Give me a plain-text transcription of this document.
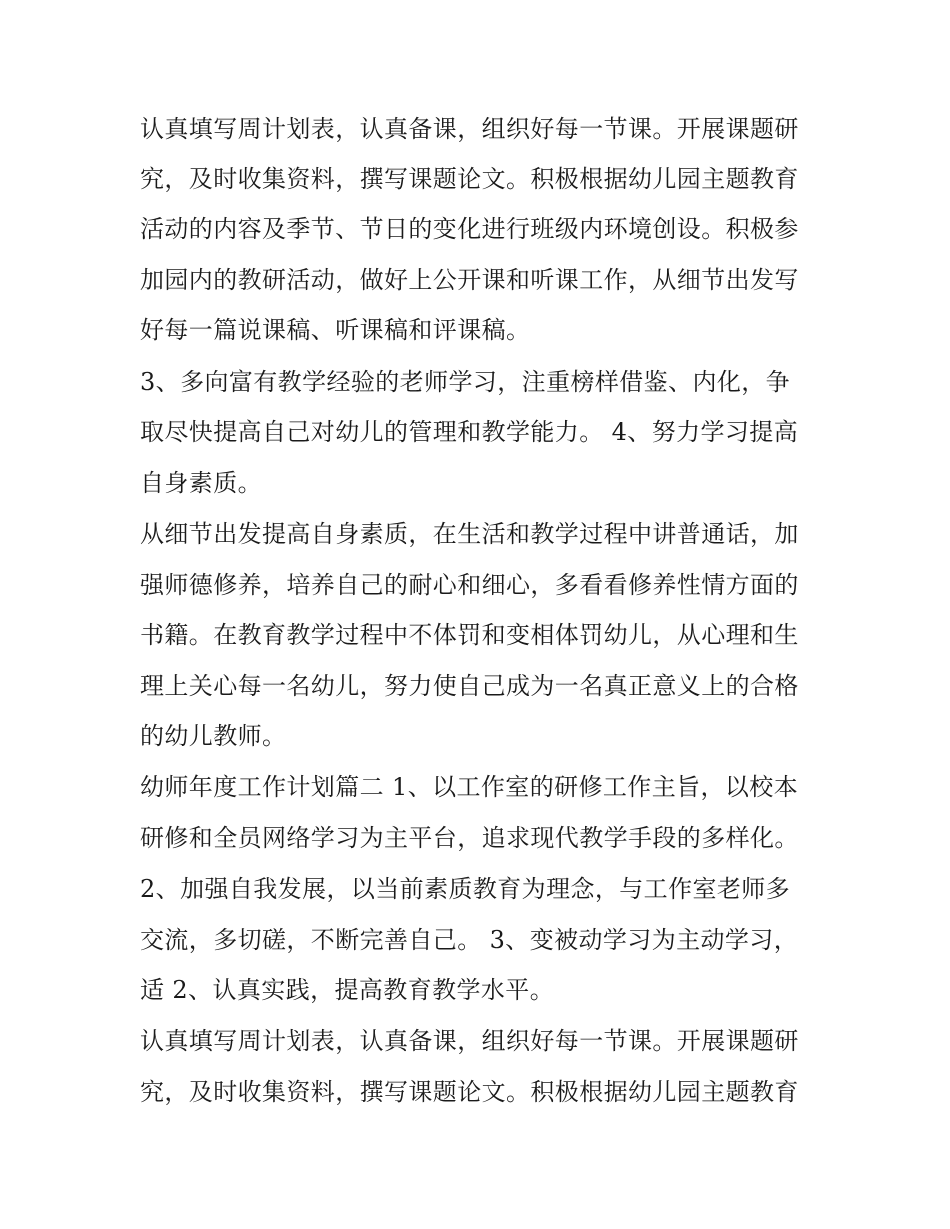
认真填写周计划表，认真备课，组织好每一节课。开展课题研

究，及时收集资料，撰写课题论文。积极根据幼儿园主题教育

活动的内容及季节、节日的变化进行班级内环境创设。积极参

加园内的教研活动，做好上公开课和听课工作，从细节出发写

好每一篇说课稿、听课稿和评课稿。

3、多向富有教学经验的老师学习，注重榜样借鉴、内化，争

取尽快提高自己对幼儿的管理和教学能力。 4、努力学习提高

自身素质。

从细节出发提高自身素质，在生活和教学过程中讲普通话，加

强师德修养，培养自己的耐心和细心，多看看修养性情方面的

书籍。在教育教学过程中不体罚和变相体罚幼儿，从心理和生

理上关心每一名幼儿，努力使自己成为一名真正意义上的合格

的幼儿教师。

幼师年度工作计划篇二 1、以工作室的研修工作主旨，以校本

研修和全员网络学习为主平台，追求现代教学手段的多样化。

2、加强自我发展，以当前素质教育为理念，与工作室老师多

交流，多切磋，不断完善自己。 3、变被动学习为主动学习，

适 2、认真实践，提高教育教学水平。

认真填写周计划表，认真备课，组织好每一节课。开展课题研

究，及时收集资料，撰写课题论文。积极根据幼儿园主题教育
